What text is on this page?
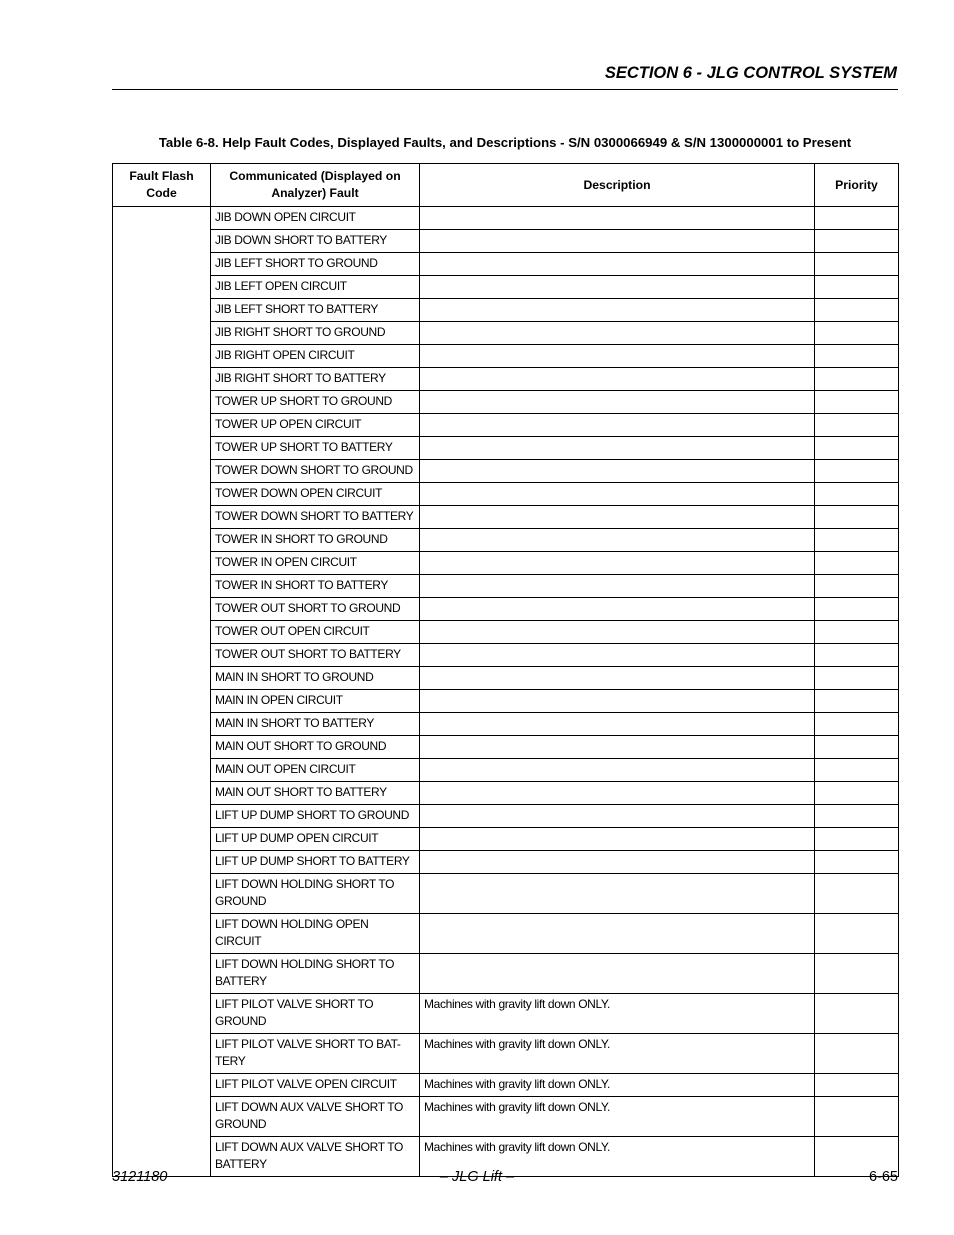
SECTION 6 - JLG CONTROL SYSTEM
Table 6-8. Help Fault Codes, Displayed Faults, and Descriptions - S/N 0300066949 & S/N 1300000001 to Present
Fault Flash Code	Communicated (Displayed on Analyzer) Fault	Description	Priority
	JIB DOWN OPEN CIRCUIT		
	JIB DOWN SHORT TO BATTERY		
	JIB LEFT SHORT TO GROUND		
	JIB LEFT OPEN CIRCUIT		
	JIB LEFT SHORT TO BATTERY		
	JIB RIGHT SHORT TO GROUND		
	JIB RIGHT OPEN CIRCUIT		
	JIB RIGHT SHORT TO BATTERY		
	TOWER UP SHORT TO GROUND		
	TOWER UP OPEN CIRCUIT		
	TOWER UP SHORT TO BATTERY		
	TOWER DOWN SHORT TO GROUND		
	TOWER DOWN OPEN CIRCUIT		
	TOWER DOWN SHORT TO BATTERY		
	TOWER IN SHORT TO GROUND		
	TOWER IN OPEN CIRCUIT		
	TOWER IN SHORT TO BATTERY		
	TOWER OUT SHORT TO GROUND		
	TOWER OUT OPEN CIRCUIT		
	TOWER OUT SHORT TO BATTERY		
	MAIN IN SHORT TO GROUND		
	MAIN IN OPEN CIRCUIT		
	MAIN IN SHORT TO BATTERY		
	MAIN OUT SHORT TO GROUND		
	MAIN OUT OPEN CIRCUIT		
	MAIN OUT SHORT TO BATTERY		
	LIFT UP DUMP SHORT TO GROUND		
	LIFT UP DUMP OPEN CIRCUIT		
	LIFT UP DUMP SHORT TO BATTERY		
	LIFT DOWN HOLDING SHORT TO GROUND		
	LIFT DOWN HOLDING OPEN CIRCUIT		
	LIFT DOWN HOLDING SHORT TO BATTERY		
	LIFT PILOT VALVE SHORT TO GROUND	Machines with gravity lift down ONLY.	
	LIFT PILOT VALVE SHORT TO BAT- TERY	Machines with gravity lift down ONLY.	
	LIFT PILOT VALVE OPEN CIRCUIT	Machines with gravity lift down ONLY.	
	LIFT DOWN AUX VALVE SHORT TO GROUND	Machines with gravity lift down ONLY.	
	LIFT DOWN AUX VALVE SHORT TO BATTERY	Machines with gravity lift down ONLY.	
3121180	– JLG Lift –	6-65
